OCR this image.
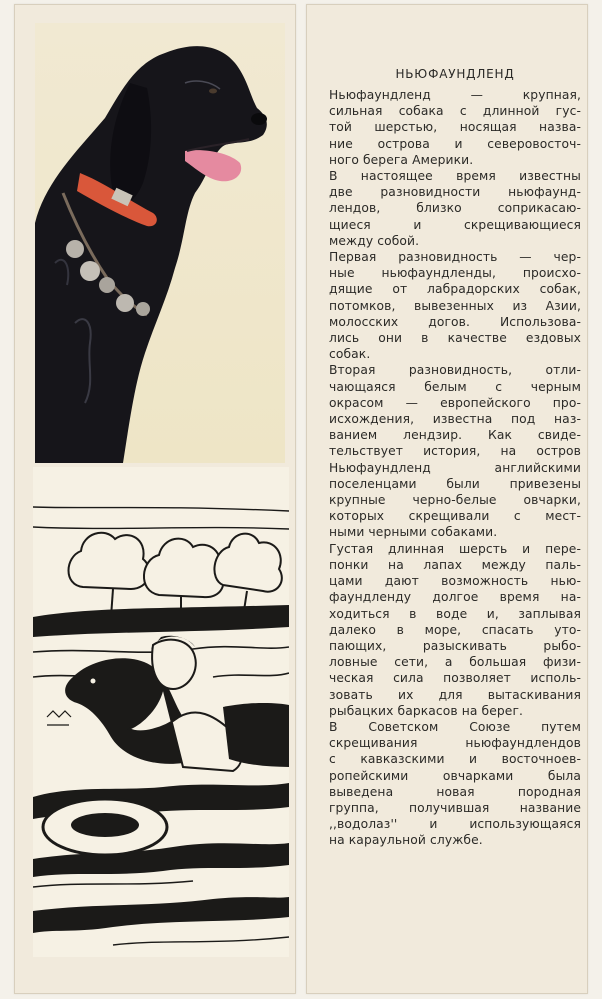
НЬЮФАУНДЛЕНД
Ньюфаундленд — крупная,
сильная собака с длинной гус-
той шерстью, носящая назва-
ние острова и северовосточ-
ного берега Америки.
В настоящее время известны
две разновидности ньюфаунд-
лендов, близко соприкасаю-
щиеся и скрещивающиеся
между собой.
Первая разновидность — чер-
ные ньюфаундленды, происхо-
дящие от лабрадорских собак,
потомков, вывезенных из Азии,
молосских догов. Использова-
лись они в качестве ездовых
собак.
Вторая разновидность, отли-
чающаяся белым с черным
окрасом — европейского про-
исхождения, известна под наз-
ванием лендзир. Как свиде-
тельствует история, на остров
Ньюфаундленд английскими
поселенцами были привезены
крупные черно-белые овчарки,
которых скрещивали с мест-
ными черными собаками.
Густая длинная шерсть и пере-
понки на лапах между паль-
цами дают возможность нью-
фаундленду долгое время на-
ходиться в воде и, заплывая
далеко в море, спасать уто-
пающих, разыскивать рыбо-
ловные сети, а большая физи-
ческая сила позволяет исполь-
зовать их для вытаскивания
рыбацких баркасов на берег.
В Советском Союзе путем
скрещивания ньюфаундлендов
с кавказскими и восточноев-
ропейскими овчарками была
выведена новая породная
группа, получившая название
,,водолаз'' и использующаяся
на караульной службе.
